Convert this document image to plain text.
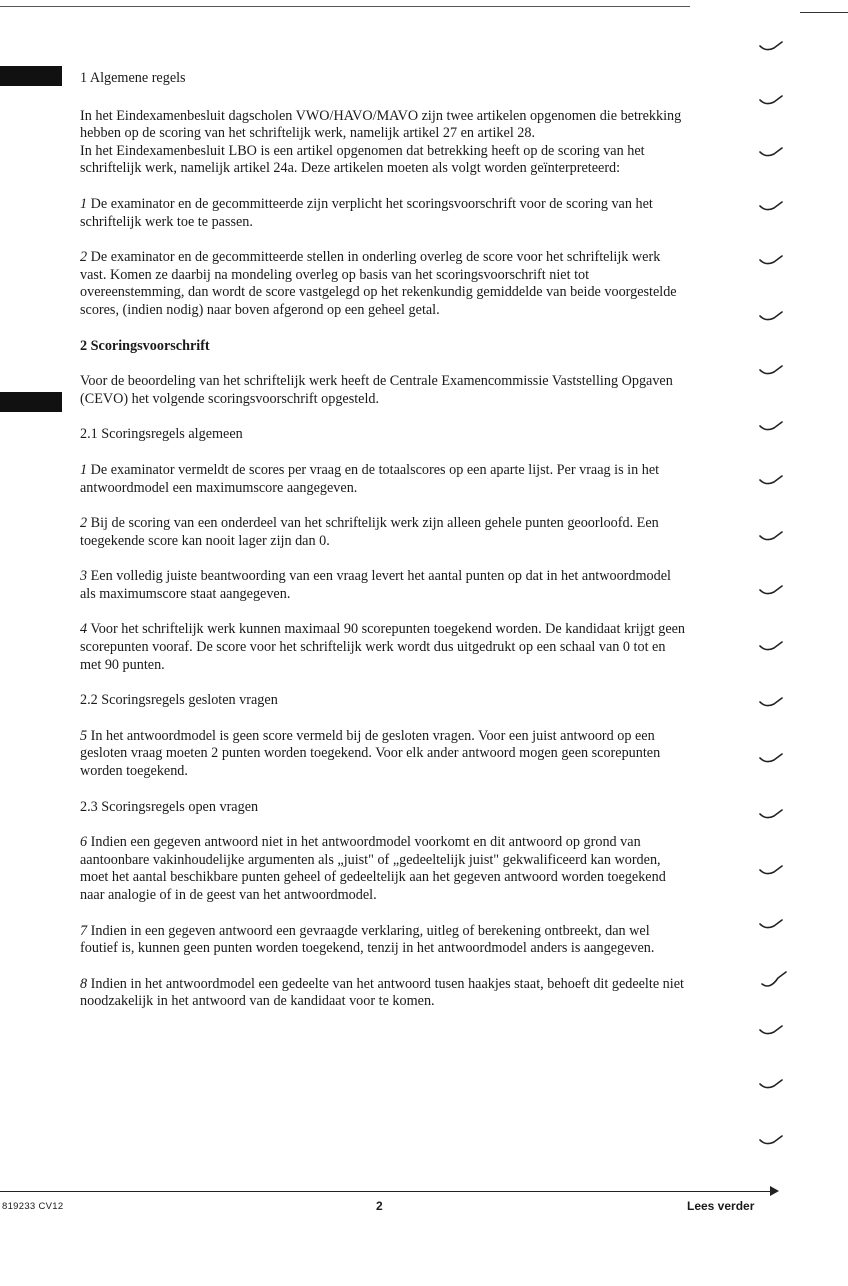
1 Algemene regels

In het Eindexamenbesluit dagscholen VWO/HAVO/MAVO zijn twee artikelen opgenomen die betrekking hebben op de scoring van het schriftelijk werk, namelijk artikel 27 en artikel 28.

In het Eindexamenbesluit LBO is een artikel opgenomen dat betrekking heeft op de scoring van het schriftelijk werk, namelijk artikel 24a. Deze artikelen moeten als volgt worden geïnterpreteerd:

1 De examinator en de gecommitteerde zijn verplicht het scoringsvoorschrift voor de scoring van het schriftelijk werk toe te passen.

2 De examinator en de gecommitteerde stellen in onderling overleg de score voor het schriftelijk werk vast. Komen ze daarbij na mondeling overleg op basis van het scoringsvoorschrift niet tot overeenstemming, dan wordt de score vastgelegd op het rekenkundig gemiddelde van beide voorgestelde scores, (indien nodig) naar boven afgerond op een geheel getal.

2 Scoringsvoorschrift

Voor de beoordeling van het schriftelijk werk heeft de Centrale Examencommissie Vaststelling Opgaven (CEVO) het volgende scoringsvoorschrift opgesteld.

2.1 Scoringsregels algemeen

1 De examinator vermeldt de scores per vraag en de totaalscores op een aparte lijst. Per vraag is in het antwoordmodel een maximumscore aangegeven.

2 Bij de scoring van een onderdeel van het schriftelijk werk zijn alleen gehele punten geoorloofd. Een toegekende score kan nooit lager zijn dan 0.

3 Een volledig juiste beantwoording van een vraag levert het aantal punten op dat in het antwoordmodel als maximumscore staat aangegeven.

4 Voor het schriftelijk werk kunnen maximaal 90 scorepunten toegekend worden. De kandidaat krijgt geen scorepunten vooraf. De score voor het schriftelijk werk wordt dus uitgedrukt op een schaal van 0 tot en met 90 punten.

2.2 Scoringsregels gesloten vragen

5 In het antwoordmodel is geen score vermeld bij de gesloten vragen. Voor een juist antwoord op een gesloten vraag moeten 2 punten worden toegekend. Voor elk ander antwoord mogen geen scorepunten worden toegekend.

2.3 Scoringsregels open vragen

6 Indien een gegeven antwoord niet in het antwoordmodel voorkomt en dit antwoord op grond van aantoonbare vakinhoudelijke argumenten als „juist" of „gedeeltelijk juist" gekwalificeerd kan worden, moet het aantal beschikbare punten geheel of gedeeltelijk aan het gegeven antwoord worden toegekend naar analogie of in de geest van het antwoordmodel.

7 Indien in een gegeven antwoord een gevraagde verklaring, uitleg of berekening ontbreekt, dan wel foutief is, kunnen geen punten worden toegekend, tenzij in het antwoordmodel anders is aangegeven.

8 Indien in het antwoordmodel een gedeelte van het antwoord tusen haakjes staat, behoeft dit gedeelte niet noodzakelijk in het antwoord van de kandidaat voor te komen.

819233 CV12	2	Lees verder
